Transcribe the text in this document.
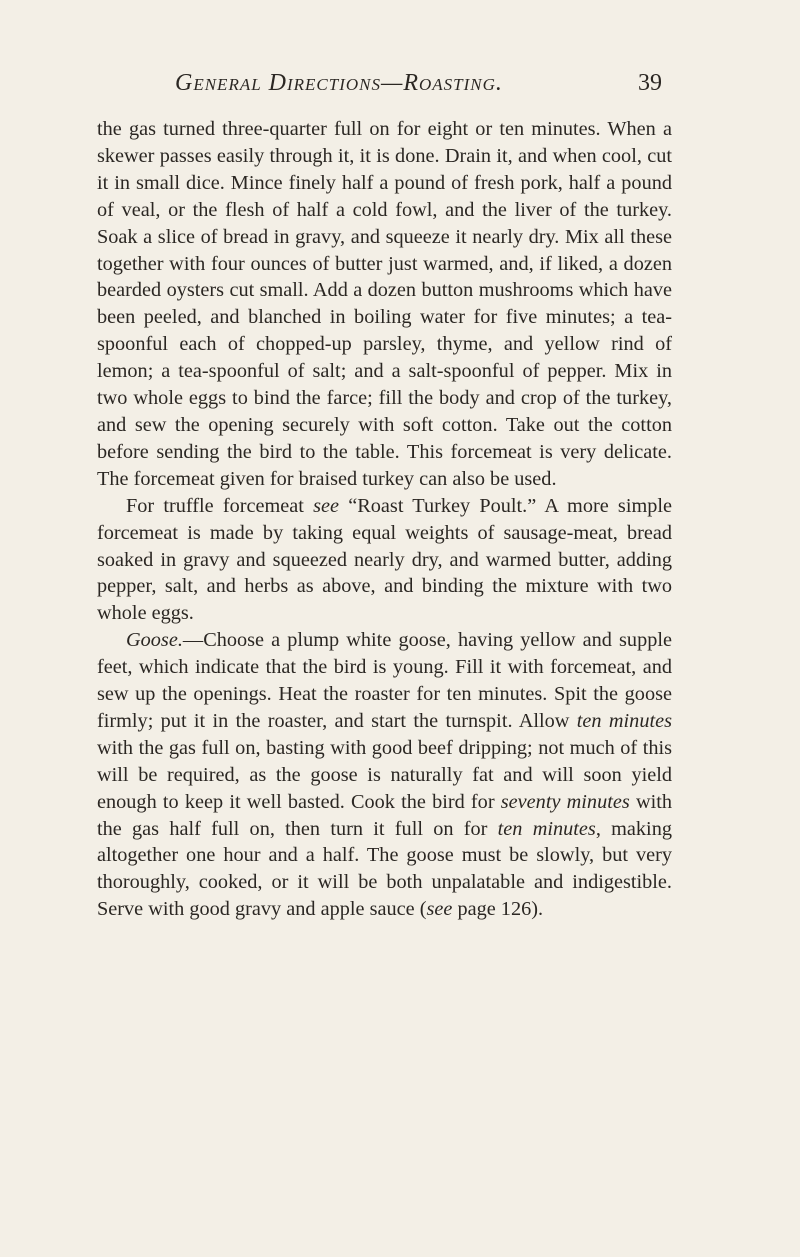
General Directions—Roasting.	39

the gas turned three-quarter full on for eight or ten minutes. When a skewer passes easily through it, it is done. Drain it, and when cool, cut it in small dice. Mince finely half a pound of fresh pork, half a pound of veal, or the flesh of half a cold fowl, and the liver of the turkey. Soak a slice of bread in gravy, and squeeze it nearly dry. Mix all these together with four ounces of butter just warmed, and, if liked, a dozen bearded oysters cut small. Add a dozen button mushrooms which have been peeled, and blanched in boiling water for five minutes; a tea-spoonful each of chopped-up parsley, thyme, and yellow rind of lemon; a tea-spoonful of salt; and a salt-spoonful of pepper. Mix in two whole eggs to bind the farce; fill the body and crop of the turkey, and sew the opening securely with soft cotton. Take out the cotton before sending the bird to the table. This forcemeat is very delicate. The forcemeat given for braised turkey can also be used.

For truffle forcemeat see “Roast Turkey Poult.” A more simple forcemeat is made by taking equal weights of sausage-meat, bread soaked in gravy and squeezed nearly dry, and warmed butter, adding pepper, salt, and herbs as above, and binding the mixture with two whole eggs.

Goose.—Choose a plump white goose, having yellow and supple feet, which indicate that the bird is young. Fill it with forcemeat, and sew up the openings. Heat the roaster for ten minutes. Spit the goose firmly; put it in the roaster, and start the turnspit. Allow ten minutes with the gas full on, basting with good beef dripping; not much of this will be required, as the goose is naturally fat and will soon yield enough to keep it well basted. Cook the bird for seventy minutes with the gas half full on, then turn it full on for ten minutes, making altogether one hour and a half. The goose must be slowly, but very thoroughly, cooked, or it will be both unpalatable and indigestible. Serve with good gravy and apple sauce (see page 126).
